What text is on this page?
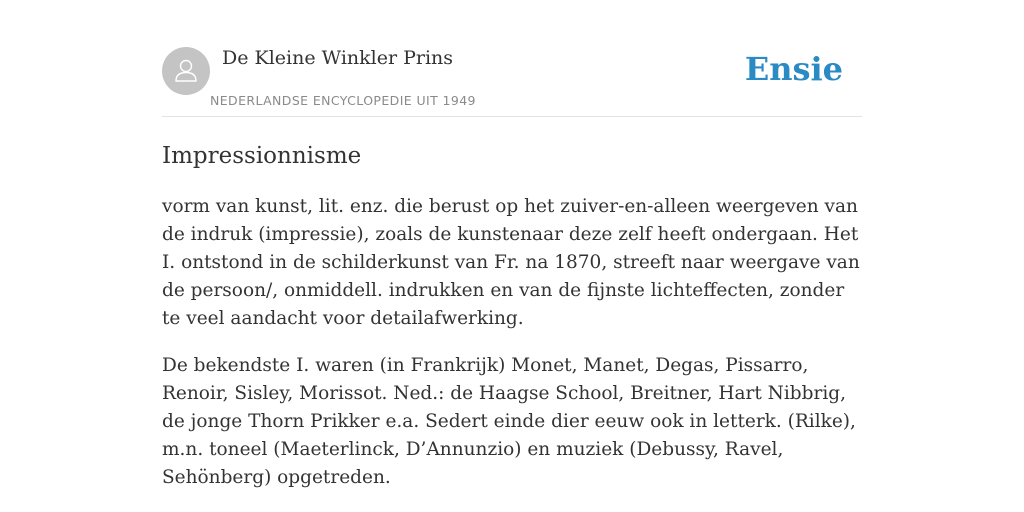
De Kleine Winkler Prins
NEDERLANDSE ENCYCLOPEDIE UIT 1949
Ensie
Impressionnisme

vorm van kunst, lit. enz. die berust op het zuiver-en-alleen weergeven van de indruk (impressie), zoals de kunstenaar deze zelf heeft ondergaan. Het I. ontstond in de schilderkunst van Fr. na 1870, streeft naar weergave van de persoon/, onmiddell. indrukken en van de fijnste lichteffecten, zonder te veel aandacht voor detailafwerking.

De bekendste I. waren (in Frankrijk) Monet, Manet, Degas, Pissarro, Renoir, Sisley, Morissot. Ned.: de Haagse School, Breitner, Hart Nibbrig, de jonge Thorn Prikker e.a. Sedert einde dier eeuw ook in letterk. (Rilke), m.n. toneel (Maeterlinck, D’Annunzio) en muziek (Debussy, Ravel, Sehönberg) opgetreden.
